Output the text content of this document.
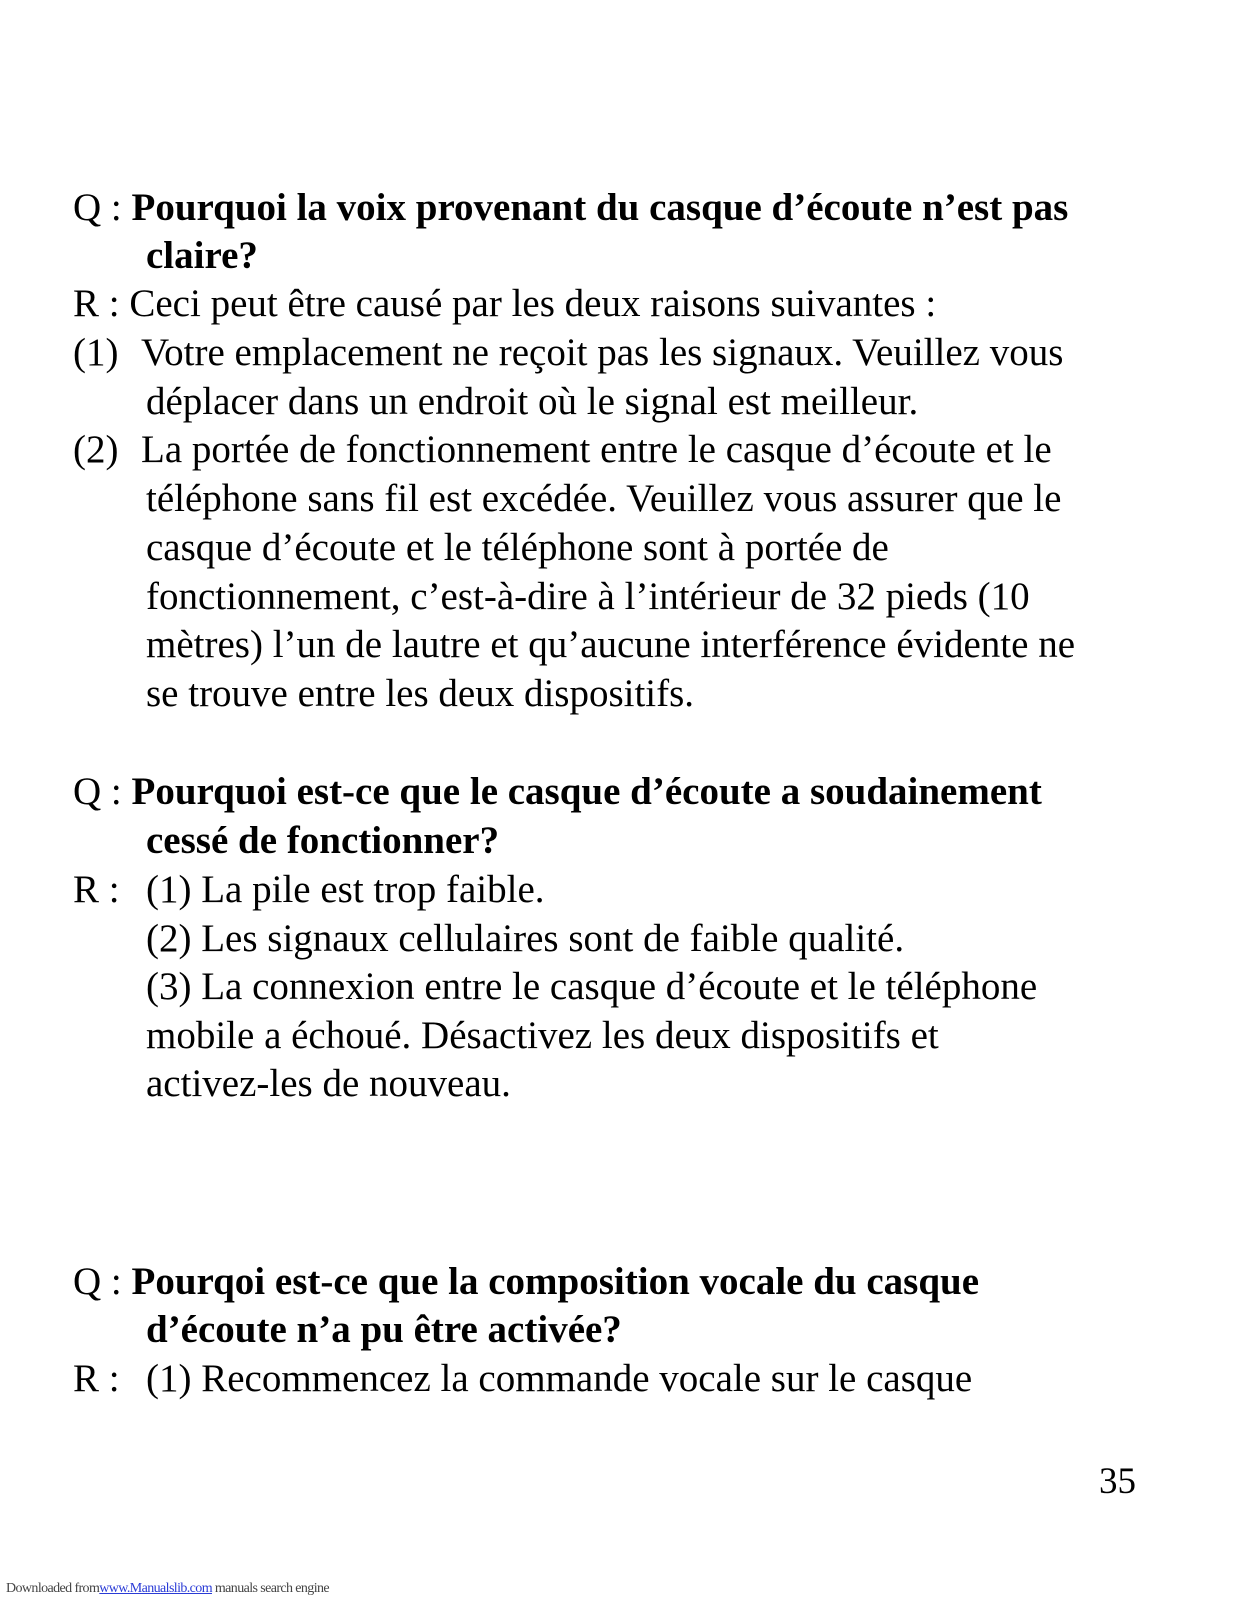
Q : Pourquoi la voix provenant du casque d’écoute n’est pas
claire?
R : Ceci peut être causé par les deux raisons suivantes :
(1) Votre emplacement ne reçoit pas les signaux. Veuillez vous
déplacer dans un endroit où le signal est meilleur.
(2) La portée de fonctionnement entre le casque d’écoute et le
téléphone sans fil est excédée. Veuillez vous assurer que le
casque d’écoute et le téléphone sont à portée de
fonctionnement, c’est-à-dire à l’intérieur de 32 pieds (10
mètres) l’un de lautre et qu’aucune interférence évidente ne
se trouve entre les deux dispositifs.
Q : Pourquoi est-ce que le casque d’écoute a soudainement
cessé de fonctionner?
R : (1) La pile est trop faible.
(2) Les signaux cellulaires sont de faible qualité.
(3) La connexion entre le casque d’écoute et le téléphone
mobile a échoué. Désactivez les deux dispositifs et
activez-les de nouveau.
Q : Pourqoi est-ce que la composition vocale du casque
d’écoute n’a pu être activée?
R : (1) Recommencez la commande vocale sur le casque
35
Downloaded fromwww.Manualslib.com manuals search engine
